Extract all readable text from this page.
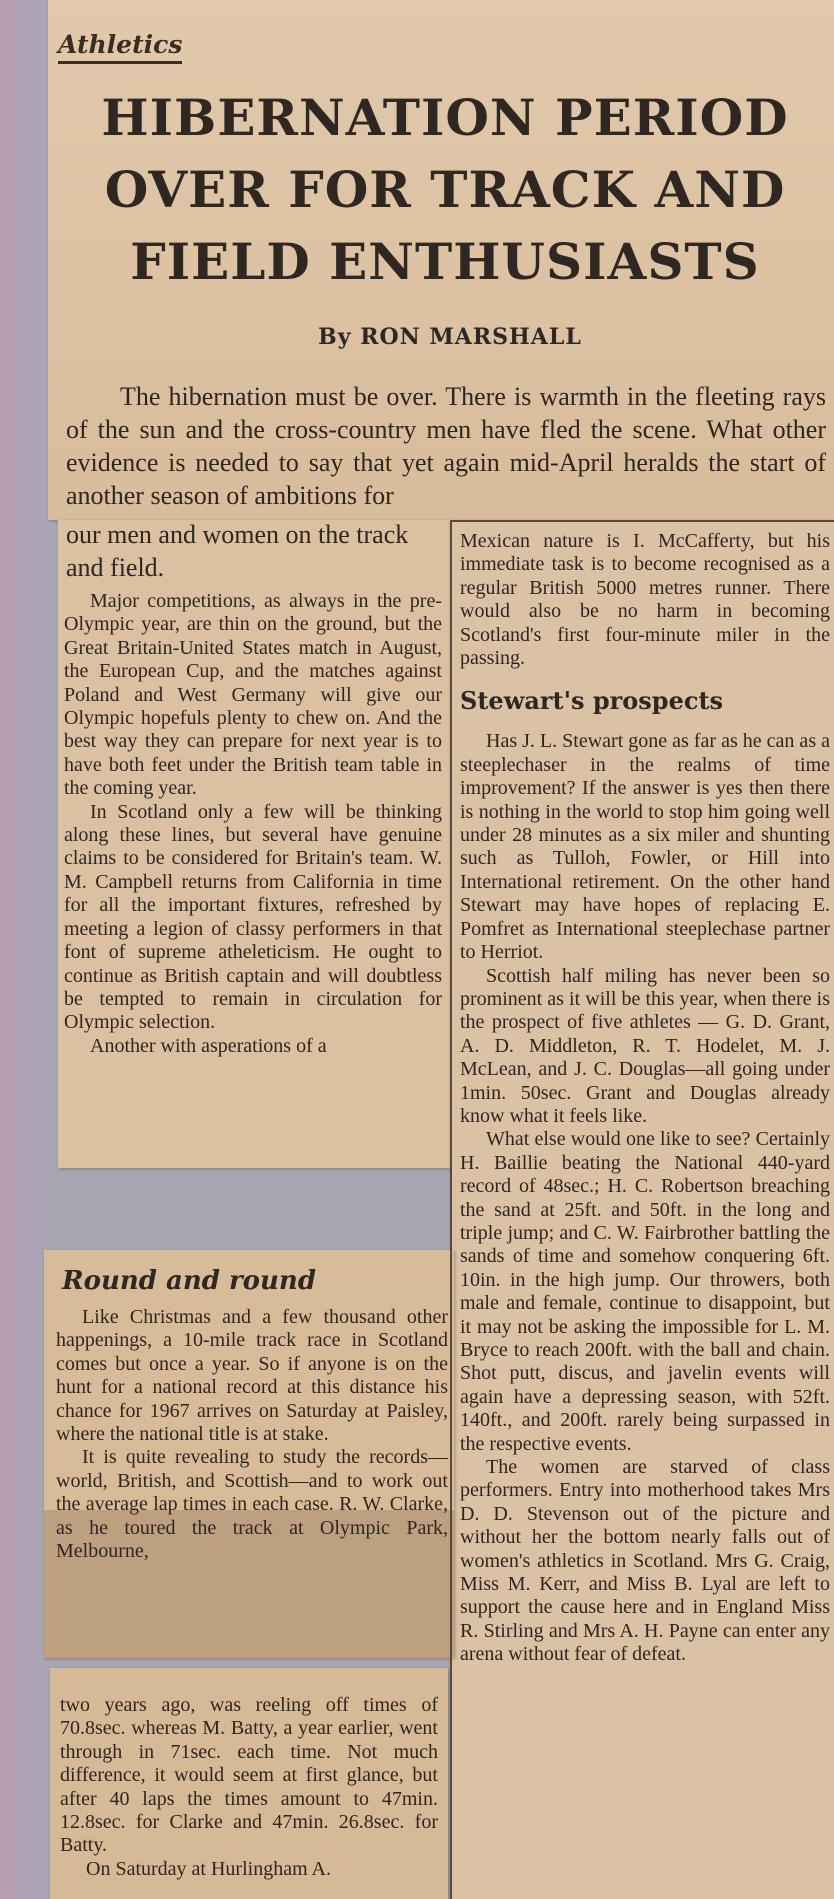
Athletics
HIBERNATION PERIOD OVER FOR TRACK AND FIELD ENTHUSIASTS
By RON MARSHALL

The hibernation must be over. There is warmth in the fleeting rays of the sun and the cross-country men have fled the scene. What other evidence is needed to say that yet again mid-April heralds the start of another season of ambitions for

our men and women on the track and field.

Major competitions, as always in the pre-Olympic year, are thin on the ground, but the Great Britain-United States match in August, the European Cup, and the matches against Poland and West Germany will give our Olympic hopefuls plenty to chew on. And the best way they can prepare for next year is to have both feet under the British team table in the coming year.

In Scotland only a few will be thinking along these lines, but several have genuine claims to be considered for Britain's team. W. M. Campbell returns from California in time for all the important fixtures, refreshed by meeting a legion of classy performers in that font of supreme atheleticism. He ought to continue as British captain and will doubtless be tempted to remain in circulation for Olympic selection.

Another with asperations of a

Mexican nature is I. McCafferty, but his immediate task is to become recognised as a regular British 5000 metres runner. There would also be no harm in becoming Scotland's first four-minute miler in the passing.

Stewart's prospects

Has J. L. Stewart gone as far as he can as a steeplechaser in the realms of time improvement? If the answer is yes then there is nothing in the world to stop him going well under 28 minutes as a six miler and shunting such as Tulloh, Fowler, or Hill into International retirement. On the other hand Stewart may have hopes of replacing E. Pomfret as International steeplechase partner to Herriot.

Scottish half miling has never been so prominent as it will be this year, when there is the prospect of five athletes — G. D. Grant, A. D. Middleton, R. T. Hodelet, M. J. McLean, and J. C. Douglas—all going under 1min. 50sec. Grant and Douglas already know what it feels like.

What else would one like to see? Certainly H. Baillie beating the National 440-yard record of 48sec.; H. C. Robertson breaching the sand at 25ft. and 50ft. in the long and triple jump; and C. W. Fairbrother battling the sands of time and somehow conquering 6ft. 10in. in the high jump. Our throwers, both male and female, continue to disappoint, but it may not be asking the impossible for L. M. Bryce to reach 200ft. with the ball and chain. Shot putt, discus, and javelin events will again have a depressing season, with 52ft. 140ft., and 200ft. rarely being surpassed in the respective events.

The women are starved of class performers. Entry into motherhood takes Mrs D. D. Stevenson out of the picture and without her the bottom nearly falls out of women's athletics in Scotland. Mrs G. Craig, Miss M. Kerr, and Miss B. Lyal are left to support the cause here and in England Miss R. Stirling and Mrs A. H. Payne can enter any arena without fear of defeat.

Round and round

Like Christmas and a few thousand other happenings, a 10-mile track race in Scotland comes but once a year. So if anyone is on the hunt for a national record at this distance his chance for 1967 arrives on Saturday at Paisley, where the national title is at stake.

It is quite revealing to study the records—world, British, and Scottish—and to work out the average lap times in each case. R. W. Clarke, as he toured the track at Olympic Park, Melbourne,

two years ago, was reeling off times of 70.8sec. whereas M. Batty, a year earlier, went through in 71sec. each time. Not much difference, it would seem at first glance, but after 40 laps the times amount to 47min. 12.8sec. for Clarke and 47min. 26.8sec. for Batty.

On Saturday at Hurlingham A.
